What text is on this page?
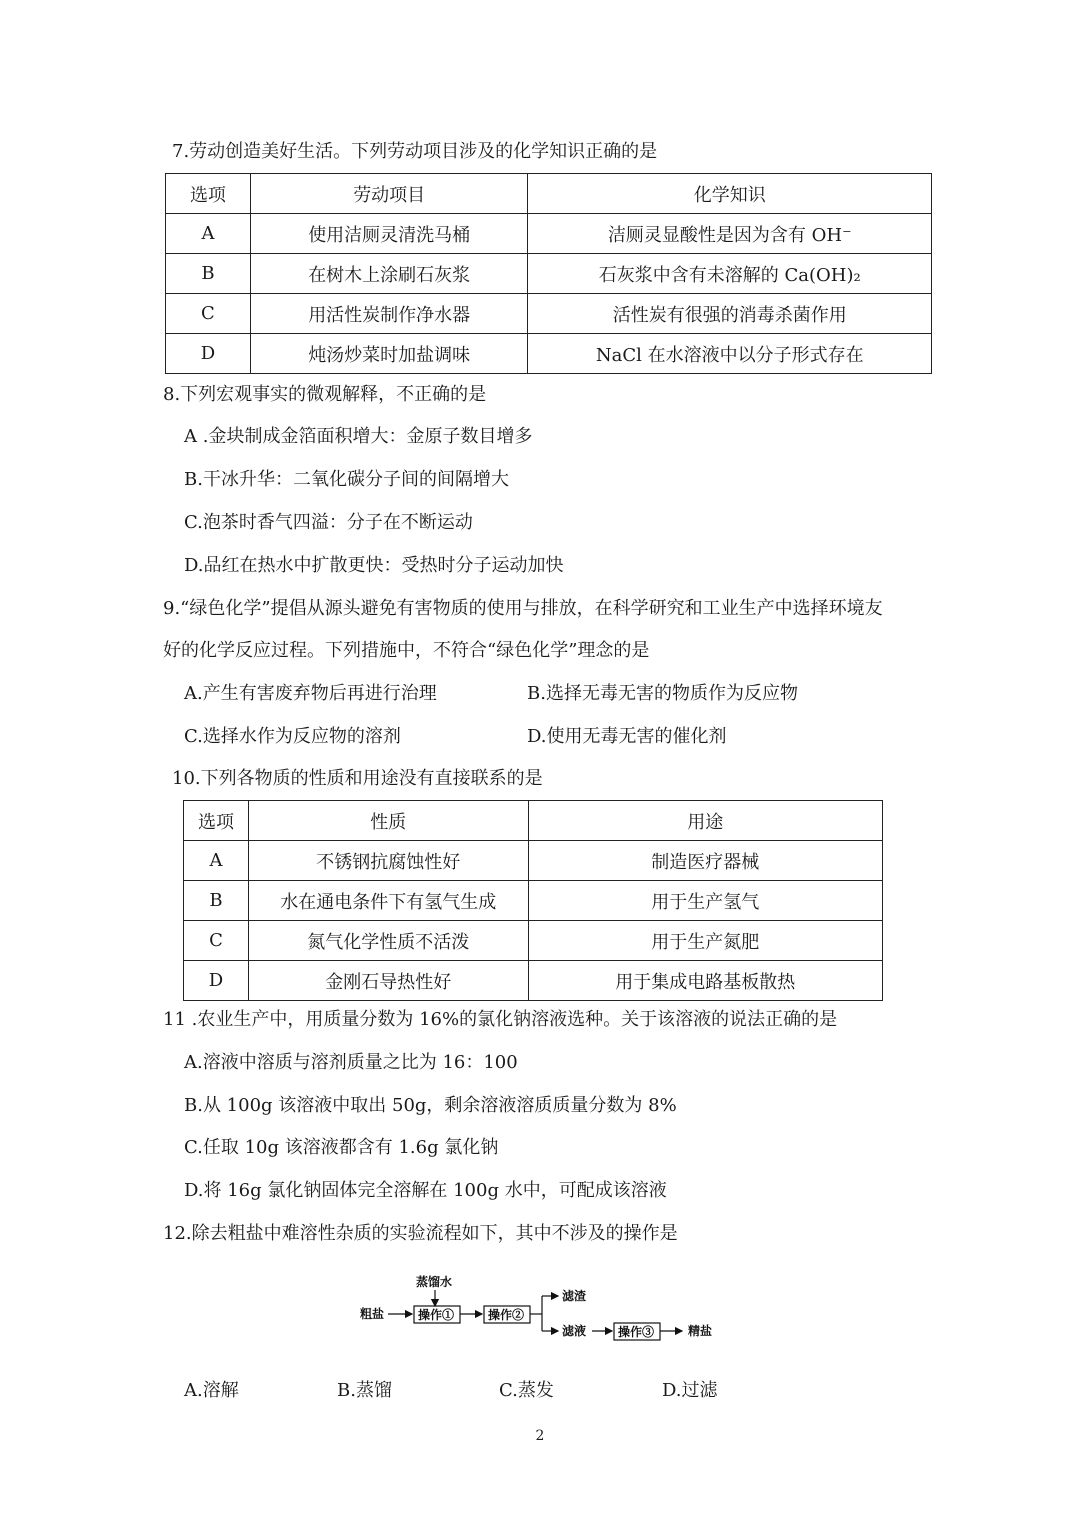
7.劳动创造美好生活。下列劳动项目涉及的化学知识正确的是
选项	劳动项目	化学知识
A	使用洁厕灵清洗马桶	洁厕灵显酸性是因为含有 OH⁻
B	在树木上涂刷石灰浆	石灰浆中含有未溶解的 Ca(OH)₂
C	用活性炭制作净水器	活性炭有很强的消毒杀菌作用
D	炖汤炒菜时加盐调味	NaCl 在水溶液中以分子形式存在
8.下列宏观事实的微观解释，不正确的是
A .金块制成金箔面积增大：金原子数目增多
B.干冰升华：二氧化碳分子间的间隔增大
C.泡茶时香气四溢：分子在不断运动
D.品红在热水中扩散更快：受热时分子运动加快
9.“绿色化学”提倡从源头避免有害物质的使用与排放，在科学研究和工业生产中选择环境友
好的化学反应过程。下列措施中，不符合“绿色化学”理念的是
A.产生有害废弃物后再进行治理	B.选择无毒无害的物质作为反应物
C.选择水作为反应物的溶剂	D.使用无毒无害的催化剂
10.下列各物质的性质和用途没有直接联系的是
选项	性质	用途
A	不锈钢抗腐蚀性好	制造医疗器械
B	水在通电条件下有氢气生成	用于生产氢气
C	氮气化学性质不活泼	用于生产氮肥
D	金刚石导热性好	用于集成电路基板散热
11 .农业生产中，用质量分数为 16%的氯化钠溶液选种。关于该溶液的说法正确的是
A.溶液中溶质与溶剂质量之比为 16：100
B.从 100g 该溶液中取出 50g，剩余溶液溶质质量分数为 8%
C.任取 10g 该溶液都含有 1.6g 氯化钠
D.将 16g 氯化钠固体完全溶解在 100g 水中，可配成该溶液
12.除去粗盐中难溶性杂质的实验流程如下，其中不涉及的操作是
粗盐
蒸馏水
操作①	操作②
滤渣
滤液	操作③	精盐
A.溶解	B.蒸馏	C.蒸发	D.过滤
2
